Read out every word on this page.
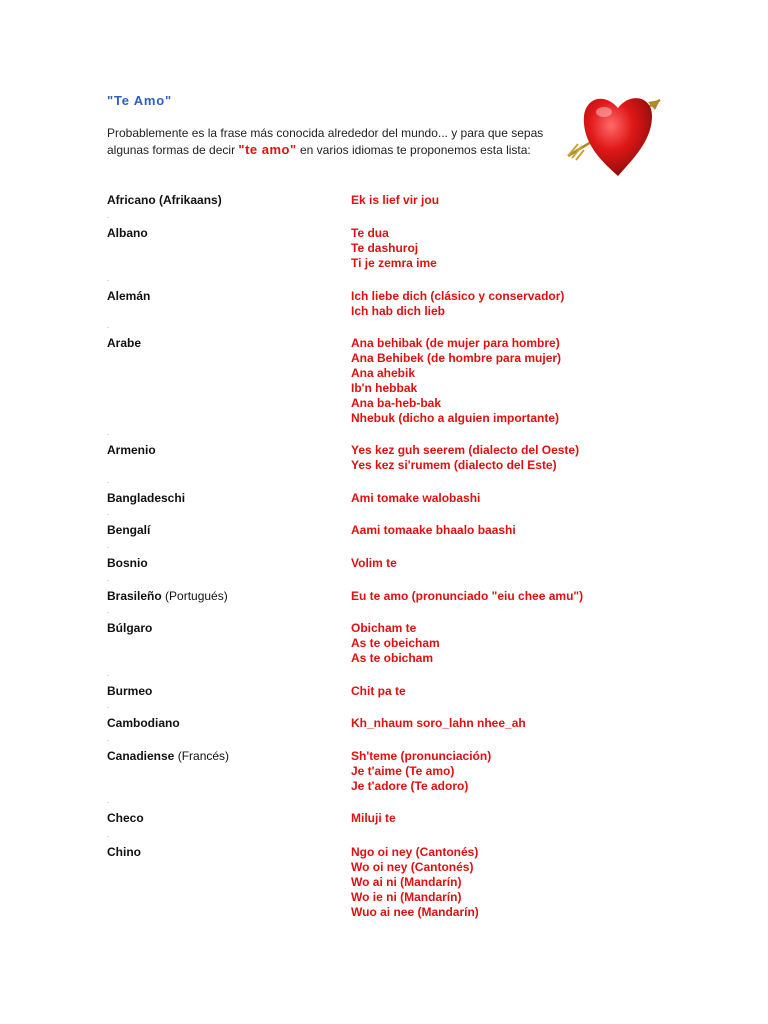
"Te Amo"
Probablemente es la frase más conocida alrededor del mundo... y para que sepas algunas formas de decir "te amo" en varios idiomas te proponemos esta lista:
Africano (Afrikaans)	Ek is lief vir jou
.
Albano	Te dua
Te dashuroj
Ti je zemra ime
.
Alemán	Ich liebe dich (clásico y conservador)
Ich hab dich lieb
.
Arabe	Ana behibak (de mujer para hombre)
Ana Behibek (de hombre para mujer)
Ana ahebik
Ib'n hebbak
Ana ba-heb-bak
Nhebuk (dicho a alguien importante)
.
Armenio	Yes kez guh seerem (dialecto del Oeste)
Yes kez si'rumem (dialecto del Este)
.
Bangladeschi	Ami tomake walobashi
.
Bengalí	Aami tomaake bhaalo baashi
.
Bosnio	Volim te
.
Brasileño (Portugués)	Eu te amo (pronunciado "eiu chee amu")
.
Búlgaro	Obicham te
As te obeicham
As te obicham
.
Burmeo	Chit pa te
.
Cambodiano	Kh_nhaum soro_lahn nhee_ah
.
Canadiense (Francés)	Sh'teme (pronunciación)
Je t'aime (Te amo)
Je t'adore (Te adoro)
.
Checo	Miluji te
.
Chino	Ngo oi ney (Cantonés)
Wo oi ney (Cantonés)
Wo ai ni (Mandarín)
Wo ie ni (Mandarín)
Wuo ai nee (Mandarín)
